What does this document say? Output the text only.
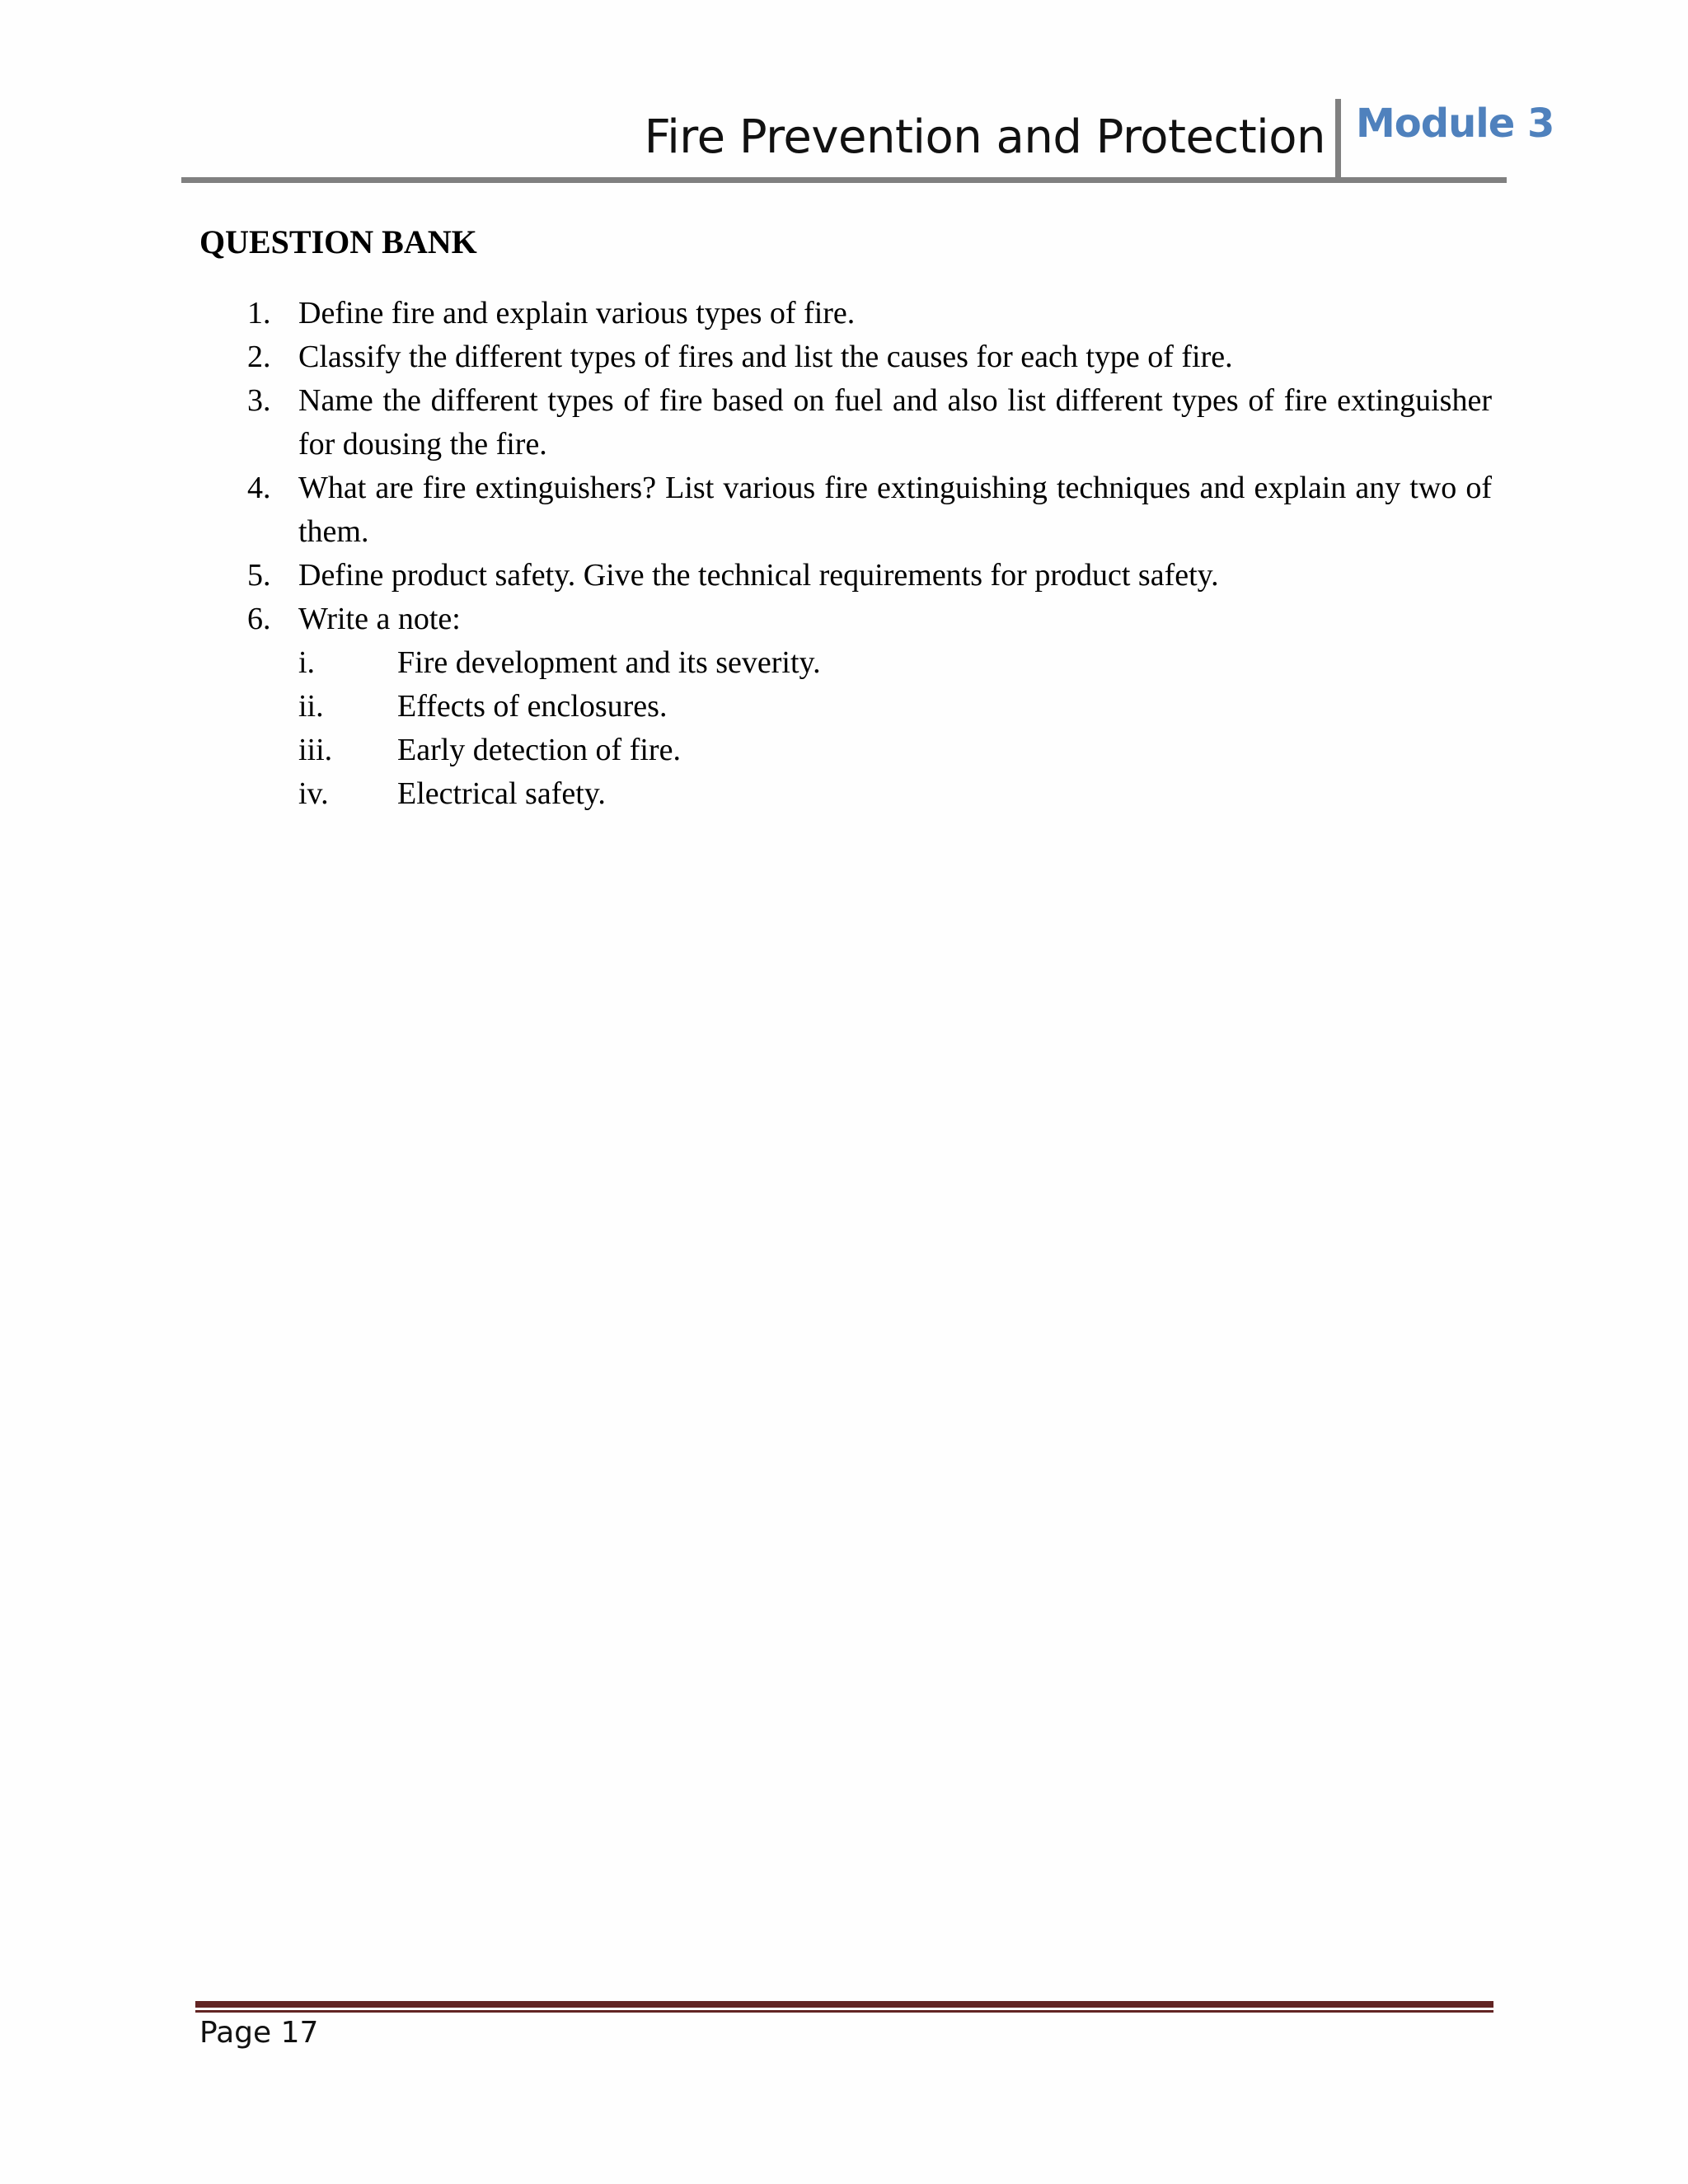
Fire Prevention and Protection Module 3
QUESTION BANK
1. Define fire and explain various types of fire.
2. Classify the different types of fires and list the causes for each type of fire.
3. Name the different types of fire based on fuel and also list different types of fire extinguisher for dousing the fire.
4. What are fire extinguishers? List various fire extinguishing techniques and explain any two of them.
5. Define product safety. Give the technical requirements for product safety.
6. Write a note:
i.	Fire development and its severity.
ii. Effects of enclosures.
iii. Early detection of fire.
iv. Electrical safety.
Page 17
